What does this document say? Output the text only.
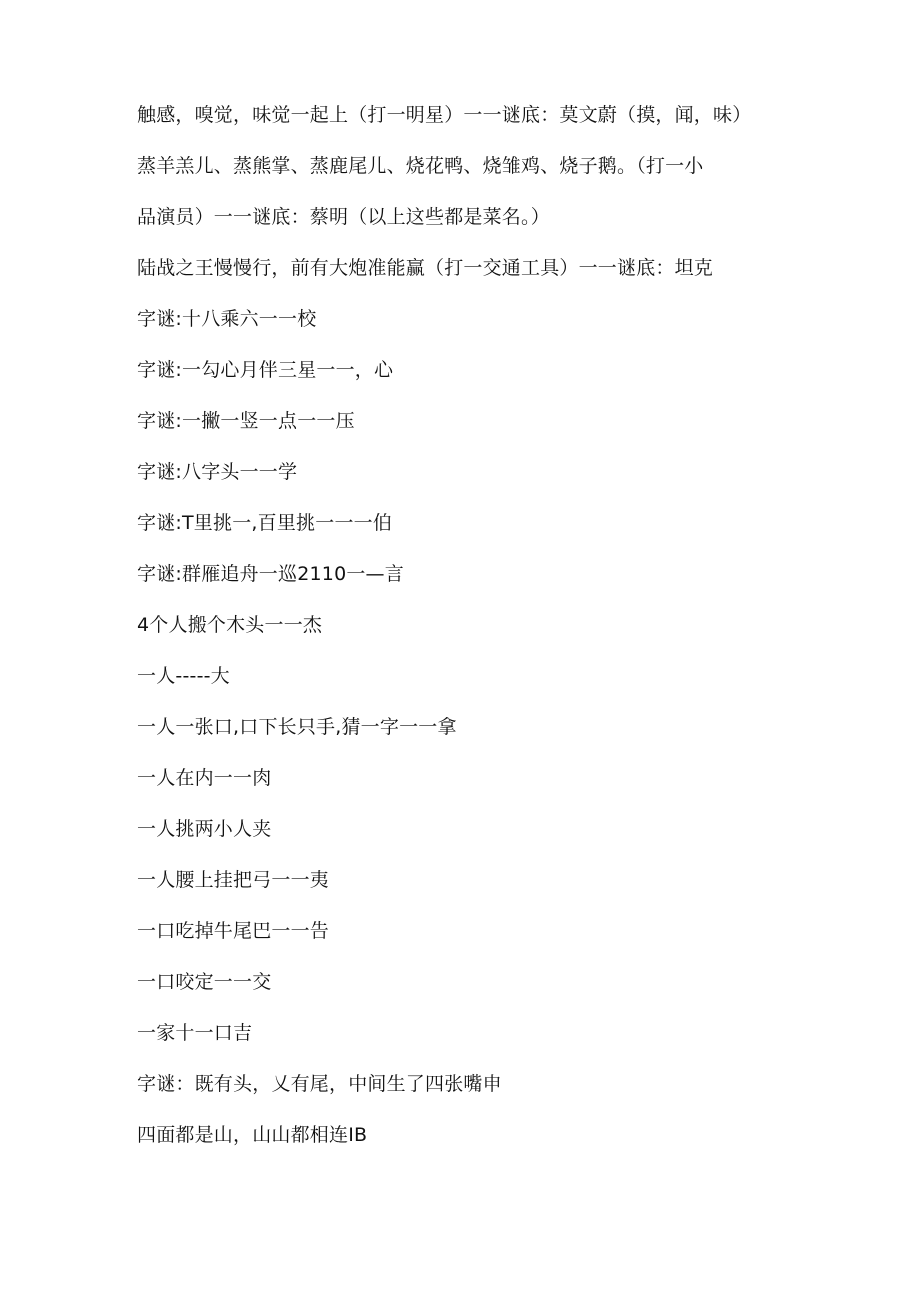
触感，嗅觉，味觉一起上（打一明星）一一谜底：莫文蔚（摸，闻，味）
蒸羊羔儿、蒸熊掌、蒸鹿尾儿、烧花鸭、烧雏鸡、烧子鹅。（打一小
品演员）一一谜底：蔡明（以上这些都是菜名。）
陆战之王慢慢行，前有大炮准能赢（打一交通工具）一一谜底：坦克
字谜:十八乘六一一校
字谜:一勾心月伴三星一一，心
字谜:一撇一竖一点一一压
字谜:八字头一一学
字谜:T里挑一,百里挑一一一伯
字谜:群雁追舟一巡2110一—言
4个人搬个木头一一杰
一人-----大
一人一张口,口下长只手,猜一字一一拿
一人在内一一肉
一人挑两小人夹
一人腰上挂把弓一一夷
一口吃掉牛尾巴一一告
一口咬定一一交
一家十一口吉
字谜：既有头，乂有尾，中间生了四张嘴申
四面都是山，山山都相连IB
